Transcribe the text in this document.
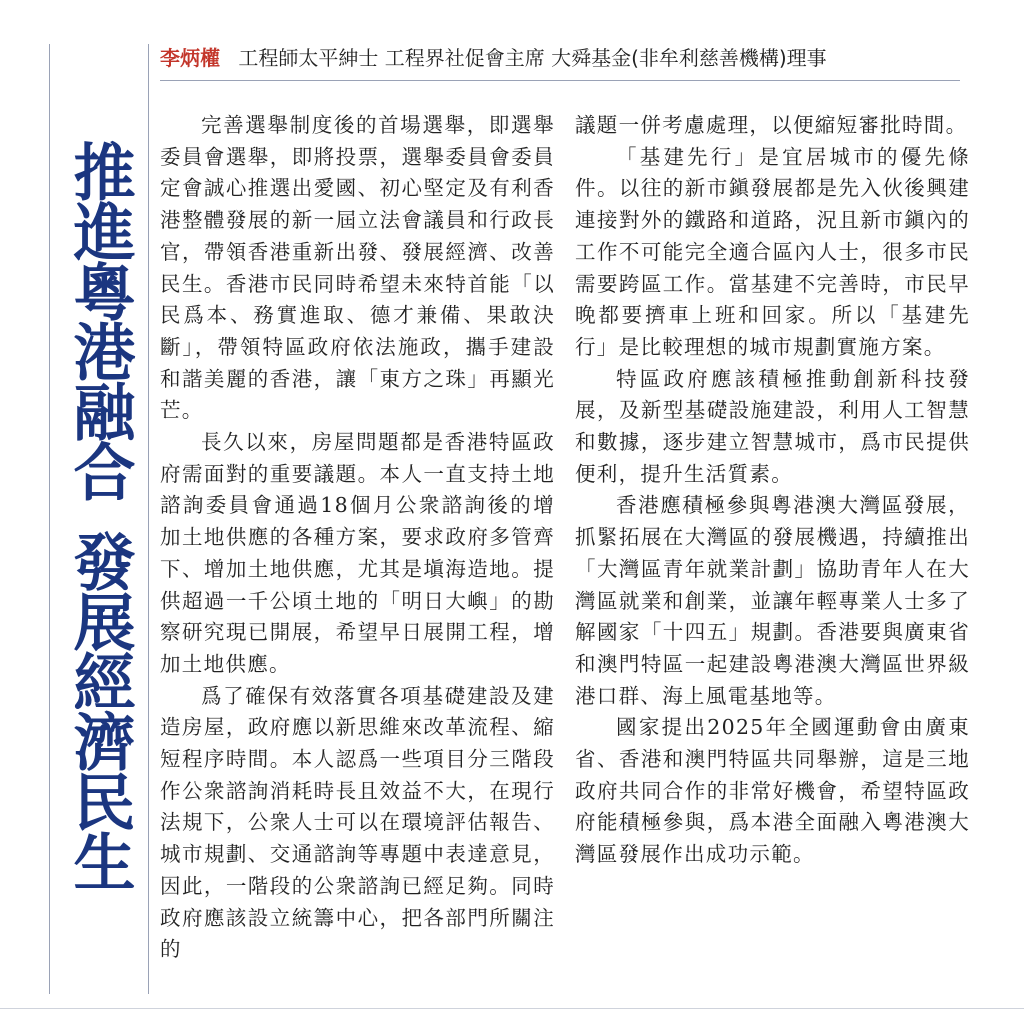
推進粵港融合發展經濟民生
李炳權 工程師太平紳士 工程界社促會主席 大舜基金(非牟利慈善機構)理事

完善選舉制度後的首場選舉，即選舉委員會選舉，即將投票，選舉委員會委員定會誠心推選出愛國、初心堅定及有利香港整體發展的新一屆立法會議員和行政長官，帶領香港重新出發、發展經濟、改善民生。香港市民同時希望未來特首能「以民爲本、務實進取、德才兼備、果敢決斷」，帶領特區政府依法施政，攜手建設和諧美麗的香港，讓「東方之珠」再顯光芒。

長久以來，房屋問題都是香港特區政府需面對的重要議題。本人一直支持土地諮詢委員會通過18個月公衆諮詢後的增加土地供應的各種方案，要求政府多管齊下、增加土地供應，尤其是塡海造地。提供超過一千公頃土地的「明日大嶼」的勘察研究現已開展，希望早日展開工程，增加土地供應。

爲了確保有效落實各項基礎建設及建造房屋，政府應以新思維來改革流程、縮短程序時間。本人認爲一些項目分三階段作公衆諮詢消耗時長且效益不大，在現行法規下，公衆人士可以在環境評估報告、城市規劃、交通諮詢等專題中表達意見，因此，一階段的公衆諮詢已經足夠。同時政府應該設立統籌中心，把各部門所關注的

議題一併考慮處理，以便縮短審批時間。

「基建先行」是宜居城市的優先條件。以往的新市鎭發展都是先入伙後興建連接對外的鐵路和道路，況且新市鎭內的工作不可能完全適合區內人士，很多市民需要跨區工作。當基建不完善時，市民早晚都要擠車上班和回家。所以「基建先行」是比較理想的城市規劃實施方案。

特區政府應該積極推動創新科技發展，及新型基礎設施建設，利用人工智慧和數據，逐步建立智慧城市，爲市民提供便利，提升生活質素。

香港應積極參與粵港澳大灣區發展，抓緊拓展在大灣區的發展機遇，持續推出「大灣區青年就業計劃」協助青年人在大灣區就業和創業，並讓年輕專業人士多了解國家「十四五」規劃。香港要與廣東省和澳門特區一起建設粵港澳大灣區世界級港口群、海上風電基地等。

國家提出2025年全國運動會由廣東省、香港和澳門特區共同舉辦，這是三地政府共同合作的非常好機會，希望特區政府能積極參與，爲本港全面融入粵港澳大灣區發展作出成功示範。
